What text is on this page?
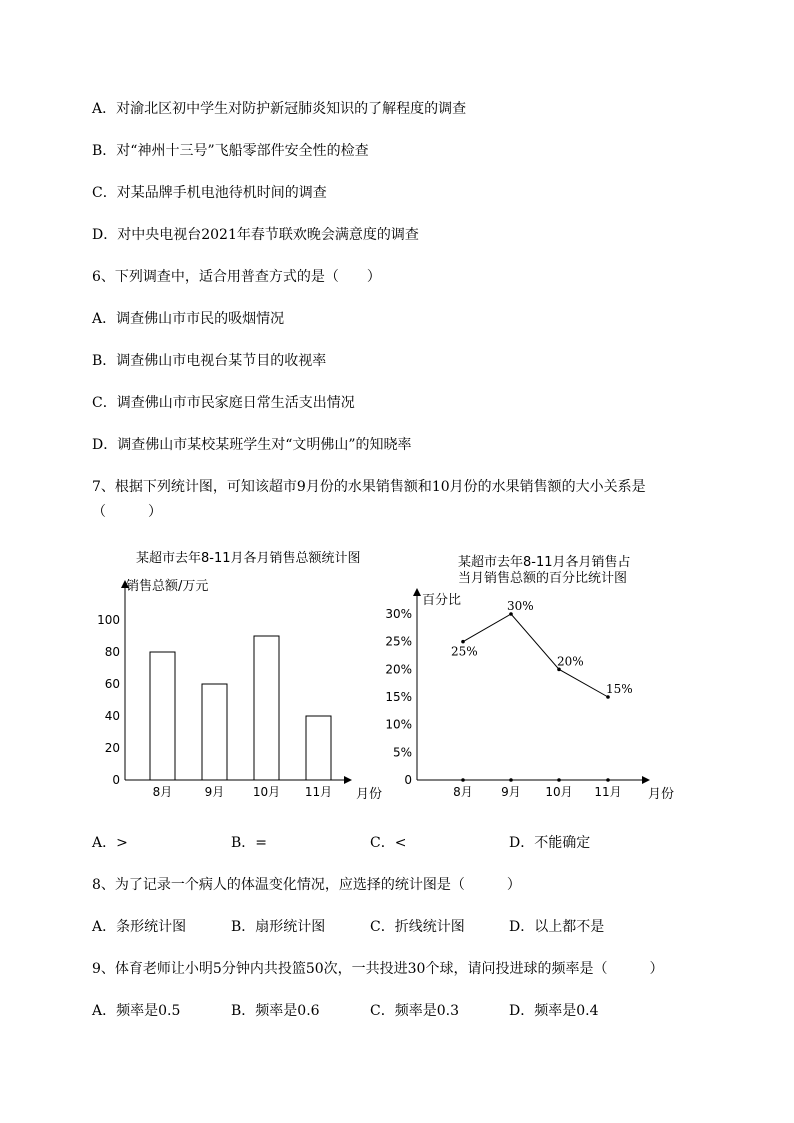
A．对渝北区初中学生对防护新冠肺炎知识的了解程度的调查
B．对“神州十三号”飞船零部件安全性的检查
C．对某品牌手机电池待机时间的调查
D．对中央电视台2021年春节联欢晚会满意度的调查
6、下列调查中，适合用普查方式的是（　　）
A．调查佛山市市民的吸烟情况
B．调查佛山市电视台某节目的收视率
C．调查佛山市市民家庭日常生活支出情况
D．调查佛山市某校某班学生对“文明佛山”的知晓率
7、根据下列统计图，可知该超市9月份的水果销售额和10月份的水果销售额的大小关系是
（　　　）
某超市去年8-11月各月销售总额统计图
销售总额/万元
0
20
40
60
80
100
8月	9月 10月 11月 月份
某超市去年8-11月各月销售占
当月销售总额的百分比统计图
百分比
0
5%
10%
15%
20%
25%
30%
25%
30%
20%
15%
8月 9月 10月 11月 月份
A．>	B．=	C．<	D．不能确定
8、为了记录一个病人的体温变化情况，应选择的统计图是（　　　）
A．条形统计图	B．扇形统计图	C．折线统计图	D．以上都不是
9、体育老师让小明5分钟内共投篮50次，一共投进30个球，请问投进球的频率是（　　　）
A．频率是0.5	B．频率是0.6	C．频率是0.3	D．频率是0.4
